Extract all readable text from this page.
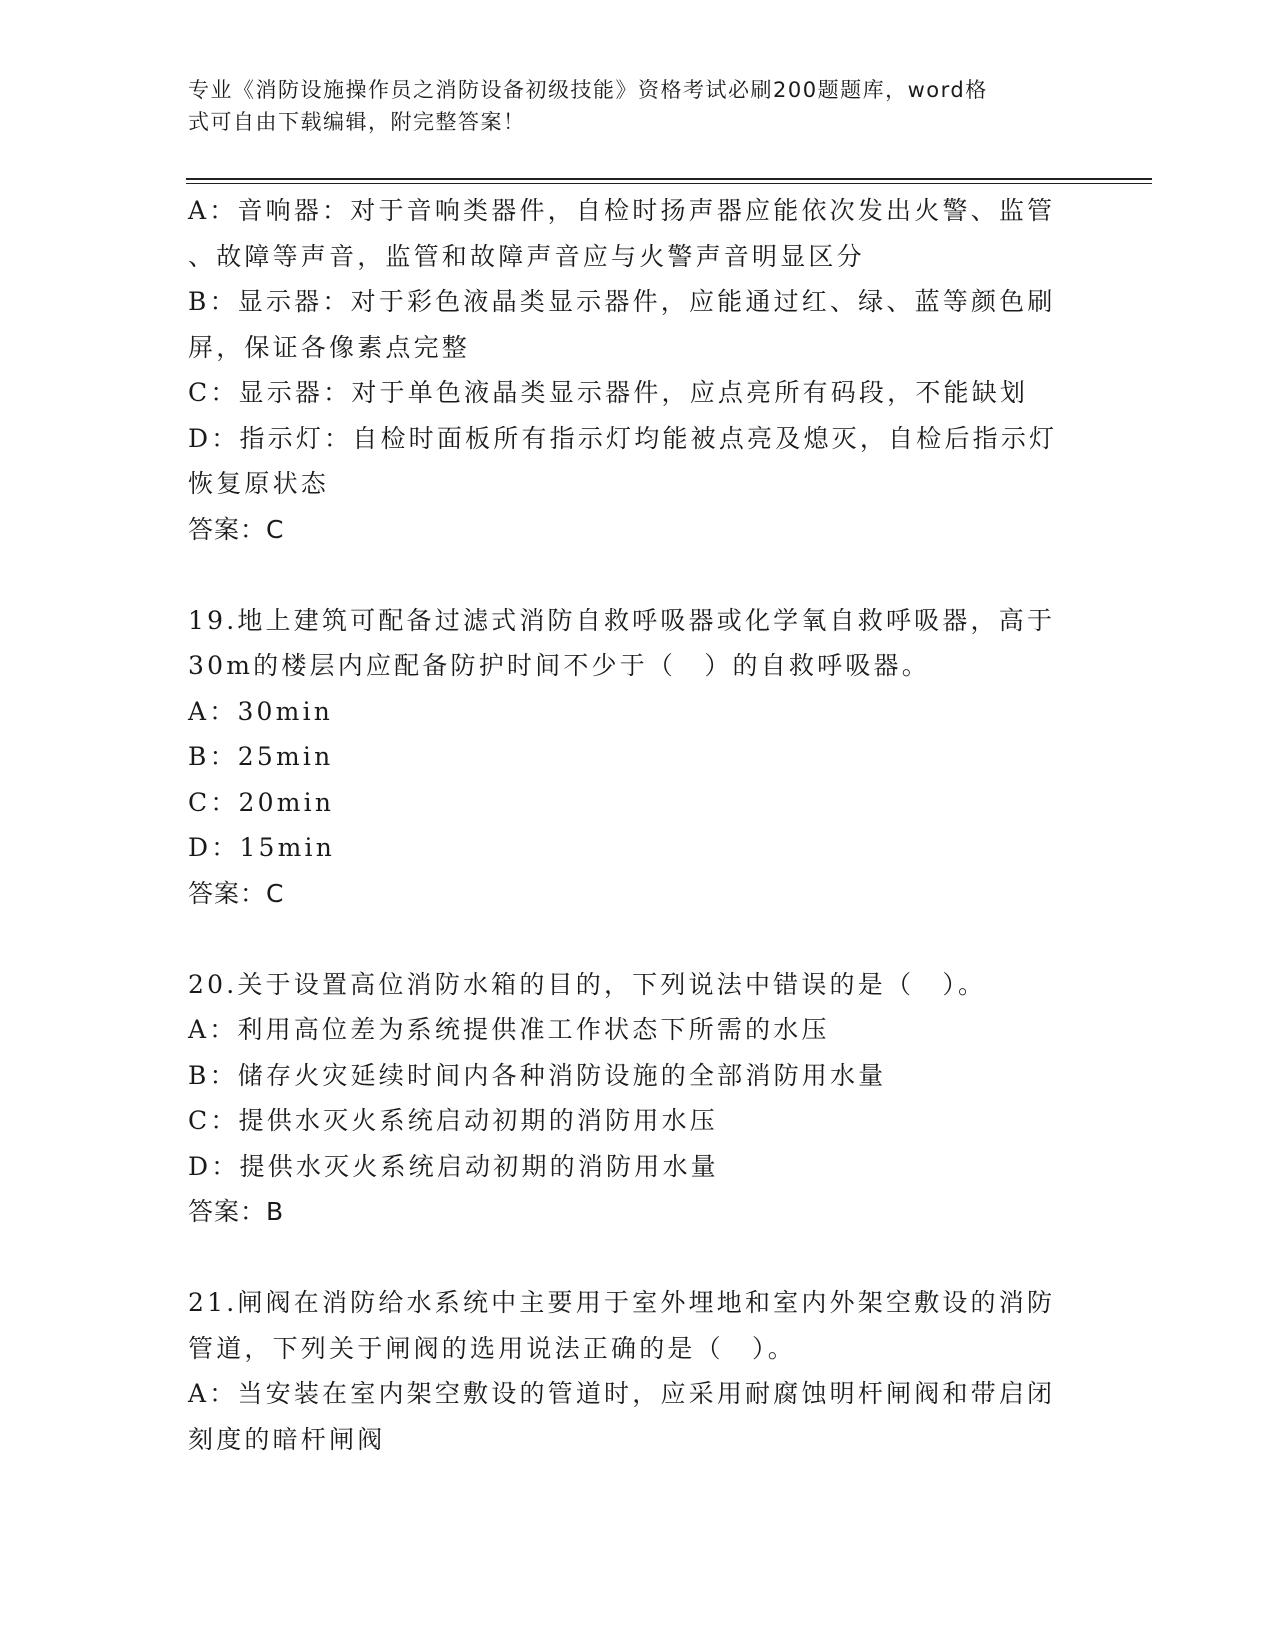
专业《消防设施操作员之消防设备初级技能》资格考试必刷200题题库，word格
式可自由下载编辑，附完整答案！
A：音响器：对于音响类器件，自检时扬声器应能依次发出火警、监管
、故障等声音，监管和故障声音应与火警声音明显区分
B：显示器：对于彩色液晶类显示器件，应能通过红、绿、蓝等颜色刷
屏，保证各像素点完整
C：显示器：对于单色液晶类显示器件，应点亮所有码段，不能缺划
D：指示灯：自检时面板所有指示灯均能被点亮及熄灭，自检后指示灯
恢复原状态
答案：C
19.地上建筑可配备过滤式消防自救呼吸器或化学氧自救呼吸器，高于
30m的楼层内应配备防护时间不少于（　）的自救呼吸器。
A：30min
B：25min
C：20min
D：15min
答案：C
20.关于设置高位消防水箱的目的，下列说法中错误的是（　）。
A：利用高位差为系统提供准工作状态下所需的水压
B：储存火灾延续时间内各种消防设施的全部消防用水量
C：提供水灭火系统启动初期的消防用水压
D：提供水灭火系统启动初期的消防用水量
答案：B
21.闸阀在消防给水系统中主要用于室外埋地和室内外架空敷设的消防
管道，下列关于闸阀的选用说法正确的是（　）。
A：当安装在室内架空敷设的管道时，应采用耐腐蚀明杆闸阀和带启闭
刻度的暗杆闸阀
